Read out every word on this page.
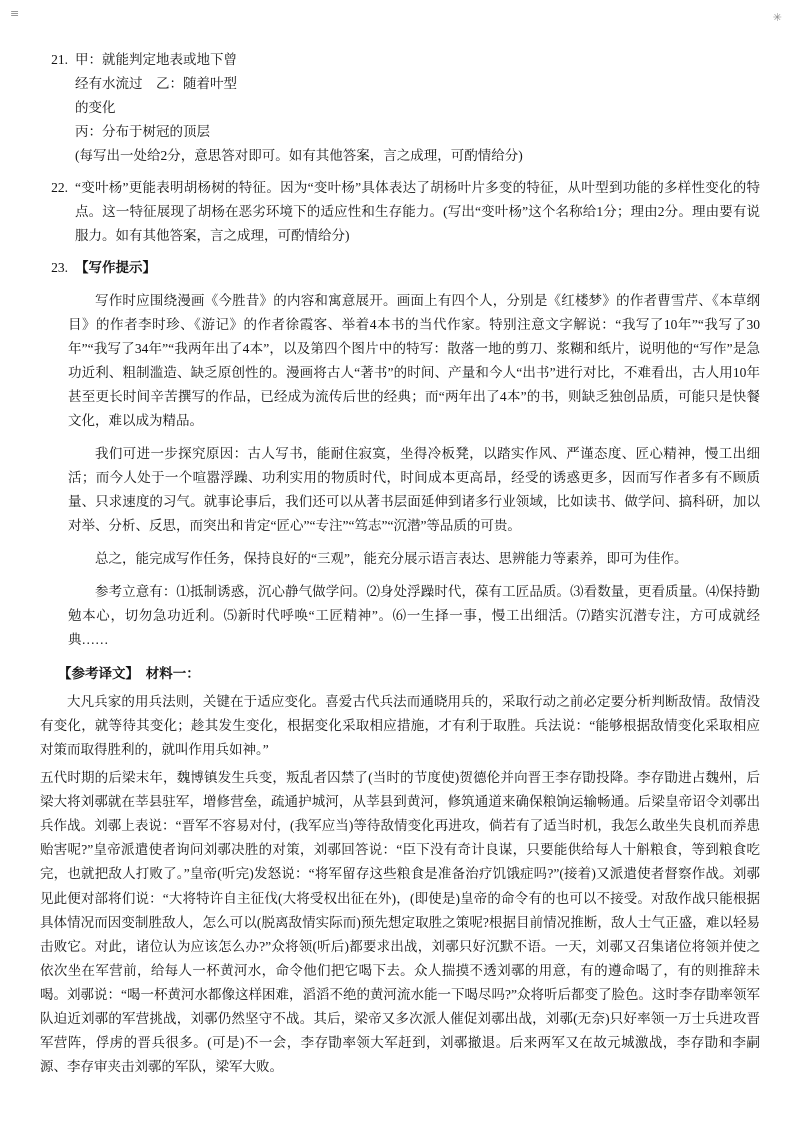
≡	✳
21. 甲：就能判定地表或地下曾
经有水流过　乙：随着叶型
的变化
丙：分布于树冠的顶层
(每写出一处给2分，意思答对即可。如有其他答案，言之成理，可酌情给分)
22. “变叶杨”更能表明胡杨树的特征。因为“变叶杨”具体表达了胡杨叶片多变的特征，从叶型到功能的多样性变化的特点。这一特征展现了胡杨在恶劣环境下的适应性和生存能力。(写出“变叶杨”这个名称给1分；理由2分。理由要有说服力。如有其他答案，言之成理，可酌情给分)
23. 【写作提示】
写作时应围绕漫画《今胜昔》的内容和寓意展开。画面上有四个人，分别是《红楼梦》的作者曹雪芹、《本草纲目》的作者李时珍、《游记》的作者徐霞客、举着4本书的当代作家。特别注意文字解说：“我写了10年”“我写了30年”“我写了34年”“我两年出了4本”，以及第四个图片中的特写：散落一地的剪刀、浆糊和纸片，说明他的“写作”是急功近利、粗制滥造、缺乏原创性的。漫画将古人“著书”的时间、产量和今人“出书”进行对比，不难看出，古人用10年甚至更长时间辛苦撰写的作品，已经成为流传后世的经典；而“两年出了4本”的书，则缺乏独创品质，可能只是快餐文化，难以成为精品。
我们可进一步探究原因：古人写书，能耐住寂寞，坐得冷板凳，以踏实作风、严谨态度、匠心精神，慢工出细活；而今人处于一个喧嚣浮躁、功利实用的物质时代，时间成本更高昂，经受的诱惑更多，因而写作者多有不顾质量、只求速度的习气。就事论事后，我们还可以从著书层面延伸到诸多行业领域，比如读书、做学问、搞科研，加以对举、分析、反思，而突出和肯定“匠心”“专注”“笃志”“沉潜”等品质的可贵。
总之，能完成写作任务，保持良好的“三观”，能充分展示语言表达、思辨能力等素养，即可为佳作。
参考立意有：⑴抵制诱惑，沉心静气做学问。⑵身处浮躁时代，葆有工匠品质。⑶看数量，更看质量。⑷保持勤勉本心，切勿急功近利。⑸新时代呼唤“工匠精神”。⑹一生择一事，慢工出细活。⑺踏实沉潜专注，方可成就经典……
【参考译文】　材料一：
大凡兵家的用兵法则，关键在于适应变化。喜爱古代兵法而通晓用兵的，采取行动之前必定要分析判断敌情。敌情没有变化，就等待其变化；趁其发生变化，根据变化采取相应措施，才有利于取胜。兵法说：“能够根据敌情变化采取相应对策而取得胜利的，就叫作用兵如神。”
五代时期的后梁末年，魏博镇发生兵变，叛乱者囚禁了(当时的节度使)贺德伦并向晋王李存勖投降。李存勖进占魏州，后梁大将刘鄩就在莘县驻军，增修营垒，疏通护城河，从莘县到黄河，修筑通道来确保粮饷运输畅通。后梁皇帝诏令刘鄩出兵作战。刘鄩上表说：“晋军不容易对付，(我军应当)等待敌情变化再进攻，倘若有了适当时机，我怎么敢坐失良机而养患贻害呢?”皇帝派遣使者询问刘鄩决胜的对策，刘鄩回答说：“臣下没有奇计良谋，只要能供给每人十斛粮食，等到粮食吃完，也就把敌人打败了。”皇帝(听完)发怒说：“将军留存这些粮食是准备治疗饥饿症吗?”(接着)又派遣使者督察作战。刘鄩见此便对部将们说：“大将特许自主征伐(大将受权出征在外)，(即使是)皇帝的命令有的也可以不接受。对敌作战只能根据具体情况而因变制胜敌人，怎么可以(脱离敌情实际而)预先想定取胜之策呢?根据目前情况推断，敌人士气正盛，难以轻易击败它。对此，诸位认为应该怎么办?”众将领(听后)都要求出战，刘鄩只好沉默不语。一天，刘鄩又召集诸位将领并使之依次坐在军营前，给每人一杯黄河水，命令他们把它喝下去。众人揣摸不透刘鄩的用意，有的遵命喝了，有的则推辞未喝。刘鄩说：“喝一杯黄河水都像这样困难，滔滔不绝的黄河流水能一下喝尽吗?”众将听后都变了脸色。这时李存勖率领军队迫近刘鄩的军营挑战，刘鄩仍然坚守不战。其后，梁帝又多次派人催促刘鄩出战，刘鄩(无奈)只好率领一万士兵进攻晋军营阵，俘虏的晋兵很多。(可是)不一会，李存勖率领大军赶到，刘鄩撤退。后来两军又在故元城激战，李存勖和李嗣源、李存审夹击刘鄩的军队，梁军大败。
